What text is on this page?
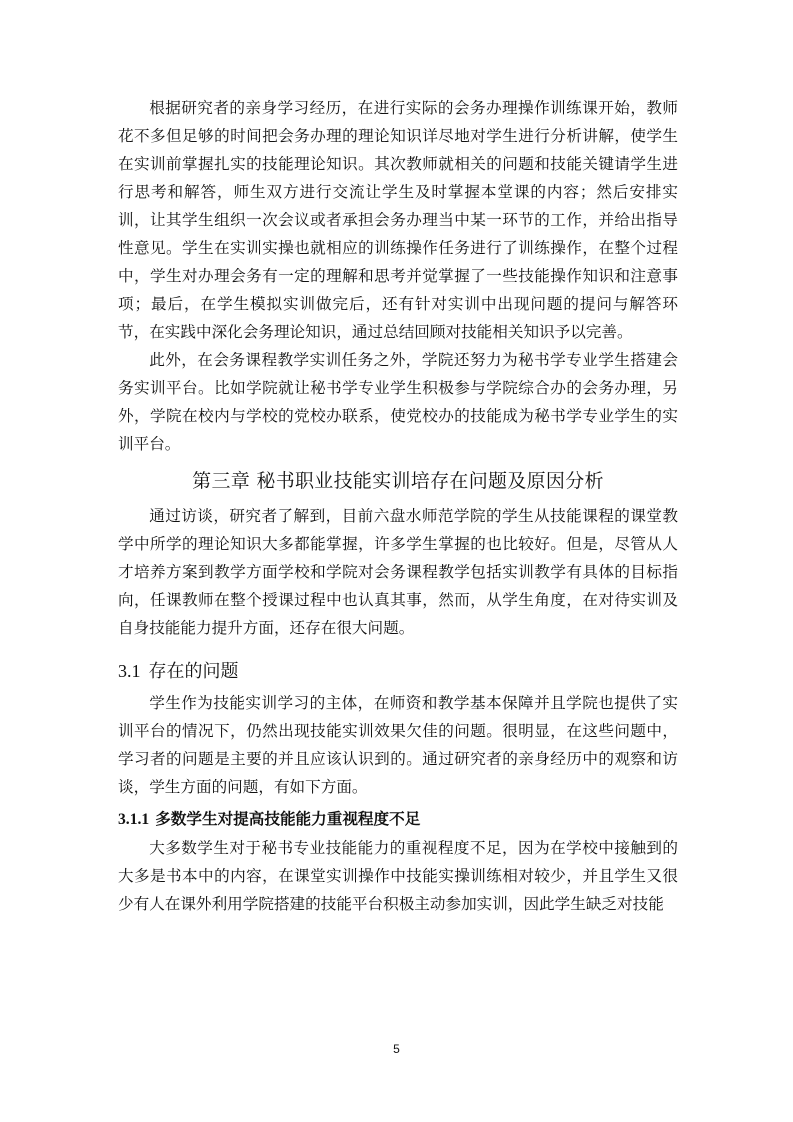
根据研究者的亲身学习经历，在进行实际的会务办理操作训练课开始，教师花不多但足够的时间把会务办理的理论知识详尽地对学生进行分析讲解，使学生在实训前掌握扎实的技能理论知识。其次教师就相关的问题和技能关键请学生进行思考和解答，师生双方进行交流让学生及时掌握本堂课的内容；然后安排实训，让其学生组织一次会议或者承担会务办理当中某一环节的工作，并给出指导性意见。学生在实训实操也就相应的训练操作任务进行了训练操作，在整个过程中，学生对办理会务有一定的理解和思考并觉掌握了一些技能操作知识和注意事项；最后，在学生模拟实训做完后，还有针对实训中出现问题的提问与解答环节，在实践中深化会务理论知识，通过总结回顾对技能相关知识予以完善。

此外，在会务课程教学实训任务之外，学院还努力为秘书学专业学生搭建会务实训平台。比如学院就让秘书学专业学生积极参与学院综合办的会务办理，另外，学院在校内与学校的党校办联系，使党校办的技能成为秘书学专业学生的实训平台。

第三章 秘书职业技能实训培存在问题及原因分析

通过访谈，研究者了解到，目前六盘水师范学院的学生从技能课程的课堂教学中所学的理论知识大多都能掌握，许多学生掌握的也比较好。但是，尽管从人才培养方案到教学方面学校和学院对会务课程教学包括实训教学有具体的目标指向，任课教师在整个授课过程中也认真其事，然而，从学生角度，在对待实训及自身技能能力提升方面，还存在很大问题。

3.1 存在的问题

学生作为技能实训学习的主体，在师资和教学基本保障并且学院也提供了实训平台的情况下，仍然出现技能实训效果欠佳的问题。很明显，在这些问题中，学习者的问题是主要的并且应该认识到的。通过研究者的亲身经历中的观察和访谈，学生方面的问题，有如下方面。

3.1.1 多数学生对提高技能能力重视程度不足

大多数学生对于秘书专业技能能力的重视程度不足，因为在学校中接触到的大多是书本中的内容，在课堂实训操作中技能实操训练相对较少，并且学生又很少有人在课外利用学院搭建的技能平台积极主动参加实训，因此学生缺乏对技能

5
